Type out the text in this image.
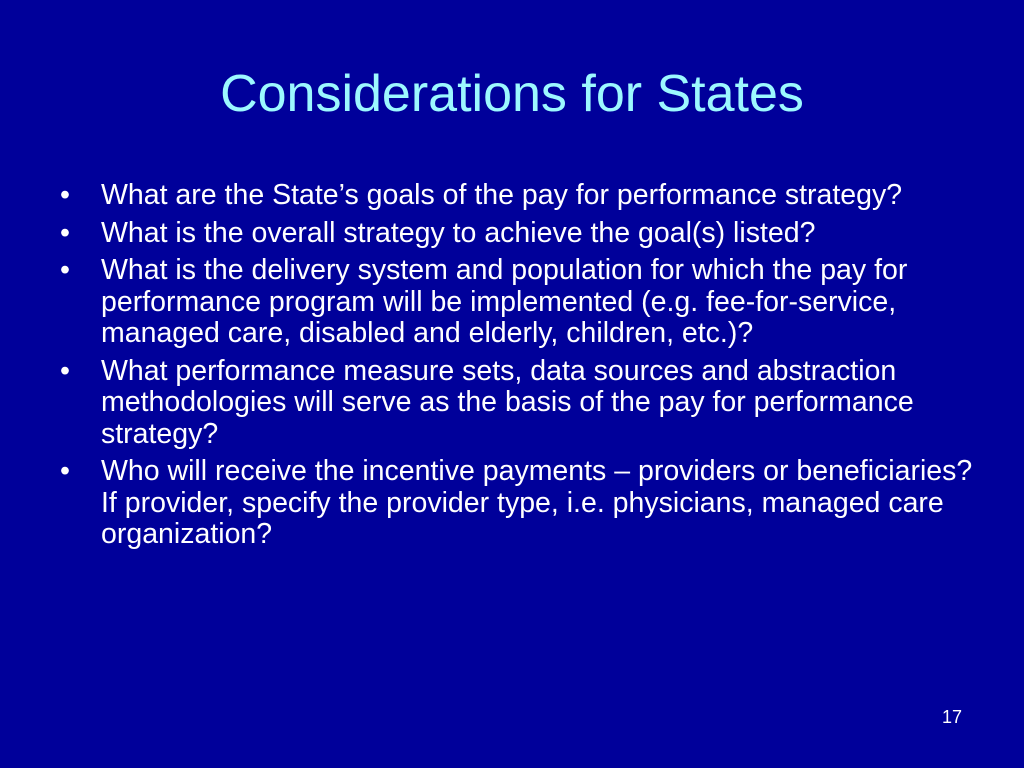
Considerations for States
•	What are the State’s goals of the pay for performance strategy?
•	What is the overall strategy to achieve the goal(s) listed?
•	What is the delivery system and population for which the pay for performance program will be implemented (e.g. fee-for-service, managed care, disabled and elderly, children, etc.)?
•	What performance measure sets, data sources and abstraction methodologies will serve as the basis of the pay for performance strategy?
•	Who will receive the incentive payments – providers or beneficiaries? If provider, specify the provider type, i.e. physicians, managed care organization?
17
